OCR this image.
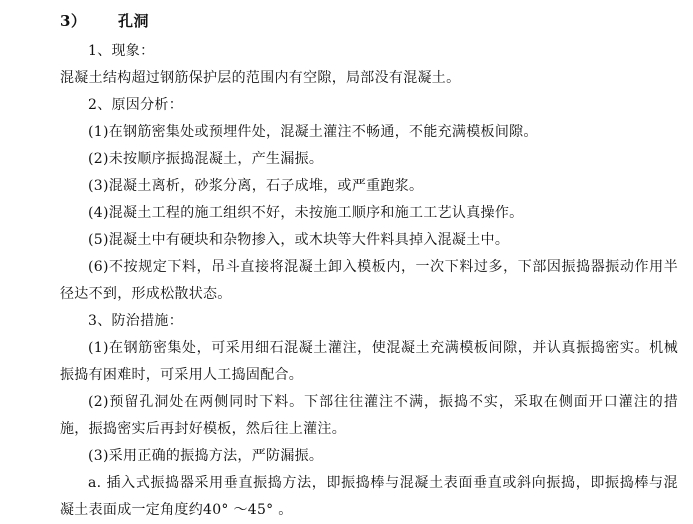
3） 孔洞
1、现象：
混凝土结构超过钢筋保护层的范围内有空隙，局部没有混凝土。
2、原因分析：
(1)在钢筋密集处或预埋件处，混凝土灌注不畅通，不能充满模板间隙。
(2)未按顺序振捣混凝土，产生漏振。
(3)混凝土离析，砂浆分离，石子成堆，或严重跑浆。
(4)混凝土工程的施工组织不好，未按施工顺序和施工工艺认真操作。
(5)混凝土中有硬块和杂物掺入，或木块等大件料具掉入混凝土中。
(6)不按规定下料，吊斗直接将混凝土卸入模板内，一次下料过多，下部因振捣器振动作用半径达不到，形成松散状态。
3、防治措施：
(1)在钢筋密集处，可采用细石混凝土灌注，使混凝土充满模板间隙，并认真振捣密实。机械振捣有困难时，可采用人工捣固配合。
(2)预留孔洞处在两侧同时下料。下部往往灌注不满，振捣不实，采取在侧面开口灌注的措施，振捣密实后再封好模板，然后往上灌注。
(3)采用正确的振捣方法，严防漏振。
a. 插入式振捣器采用垂直振捣方法，即振捣棒与混凝土表面垂直或斜向振捣，即振捣棒与混凝土表面成一定角度约40° ～45° 。
